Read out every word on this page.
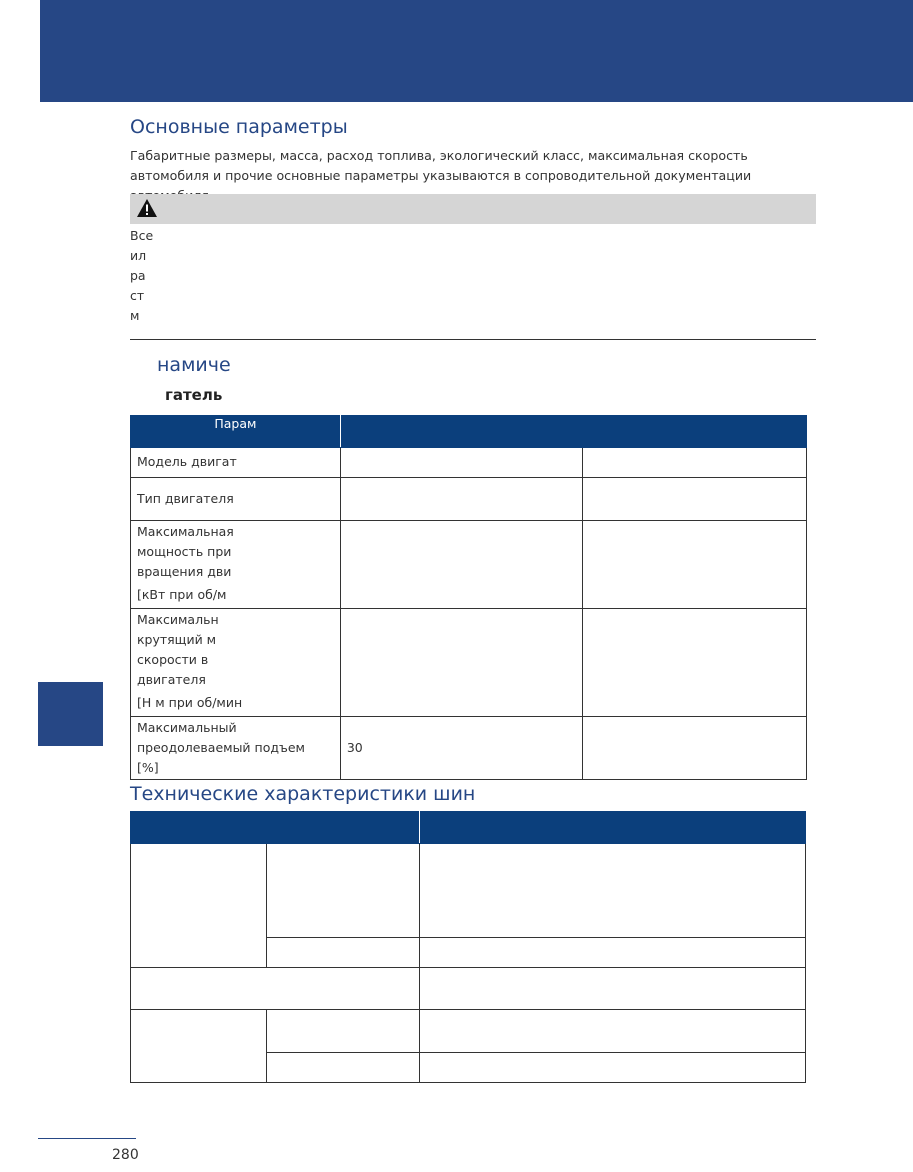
Основные параметры

Габаритные размеры, масса, расход топлива, экологический класс, максимальная скорость автомобиля и прочие основные параметры указываются в сопроводительной документации

Все
ил
ра
ст
м
намиче
гатель
Парам		

Модель двигат		

Тип двигателя		

Максимальная
мощность при
вращения дви
[кВт при об/м		

Максимальн
крутящий м
скорости в
двигателя
[Н м при об/мин		

Максимальный
преодолеваемый подъем
[%]	30	
Технические характеристики шин

280
